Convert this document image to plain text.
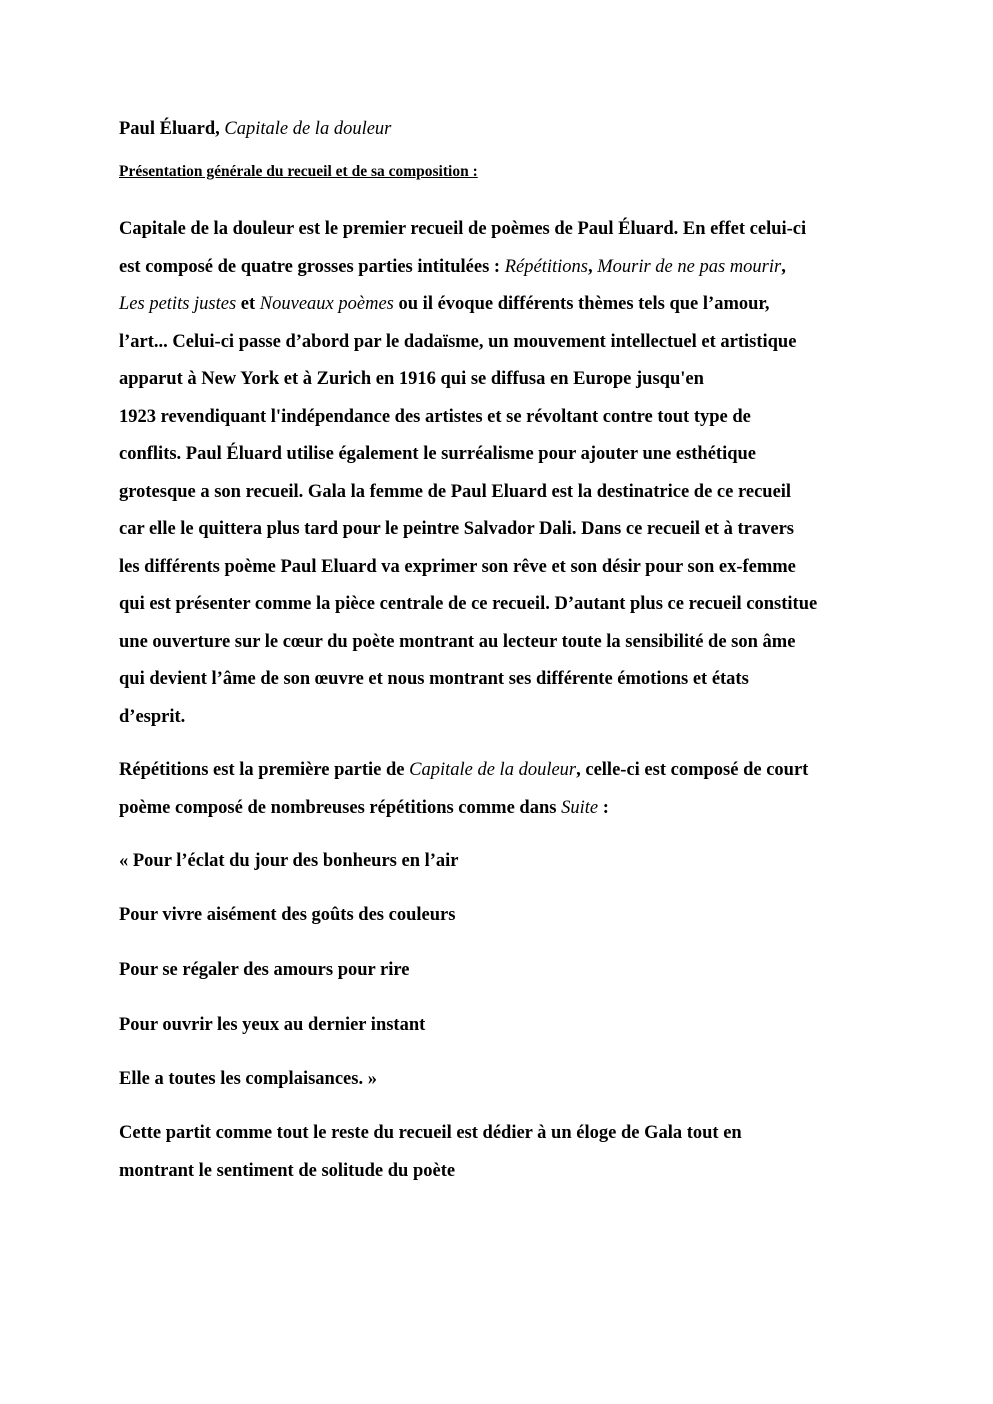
Paul Éluard, Capitale de la douleur
Présentation générale du recueil et de sa composition :
Capitale de la douleur est le premier recueil de poèmes de Paul Éluard. En effet celui-ci
est composé de quatre grosses parties intitulées : Répétitions, Mourir de ne pas mourir,
Les petits justes et Nouveaux poèmes ou il évoque différents thèmes tels que l’amour,
l’art... Celui-ci passe d’abord par le dadaïsme, un mouvement intellectuel et artistique
apparut à New York et à Zurich en 1916 qui se diffusa en Europe jusqu'en
1923 revendiquant l'indépendance des artistes et se révoltant contre tout type de
conflits. Paul Éluard utilise également le surréalisme pour ajouter une esthétique
grotesque a son recueil. Gala la femme de Paul Eluard est la destinatrice de ce recueil
car elle le quittera plus tard pour le peintre Salvador Dali. Dans ce recueil et à travers
les différents poème Paul Eluard va exprimer son rêve et son désir pour son ex-femme
qui est présenter comme la pièce centrale de ce recueil. D’autant plus ce recueil constitue
une ouverture sur le cœur du poète montrant au lecteur toute la sensibilité de son âme
qui devient l’âme de son œuvre et nous montrant ses différente émotions et états
d’esprit.
Répétitions est la première partie de Capitale de la douleur, celle-ci est composé de court
poème composé de nombreuses répétitions comme dans Suite :
« Pour l’éclat du jour des bonheurs en l’air
Pour vivre aisément des goûts des couleurs
Pour se régaler des amours pour rire
Pour ouvrir les yeux au dernier instant
Elle a toutes les complaisances. »
Cette partit comme tout le reste du recueil est dédier à un éloge de Gala tout en
montrant le sentiment de solitude du poète
